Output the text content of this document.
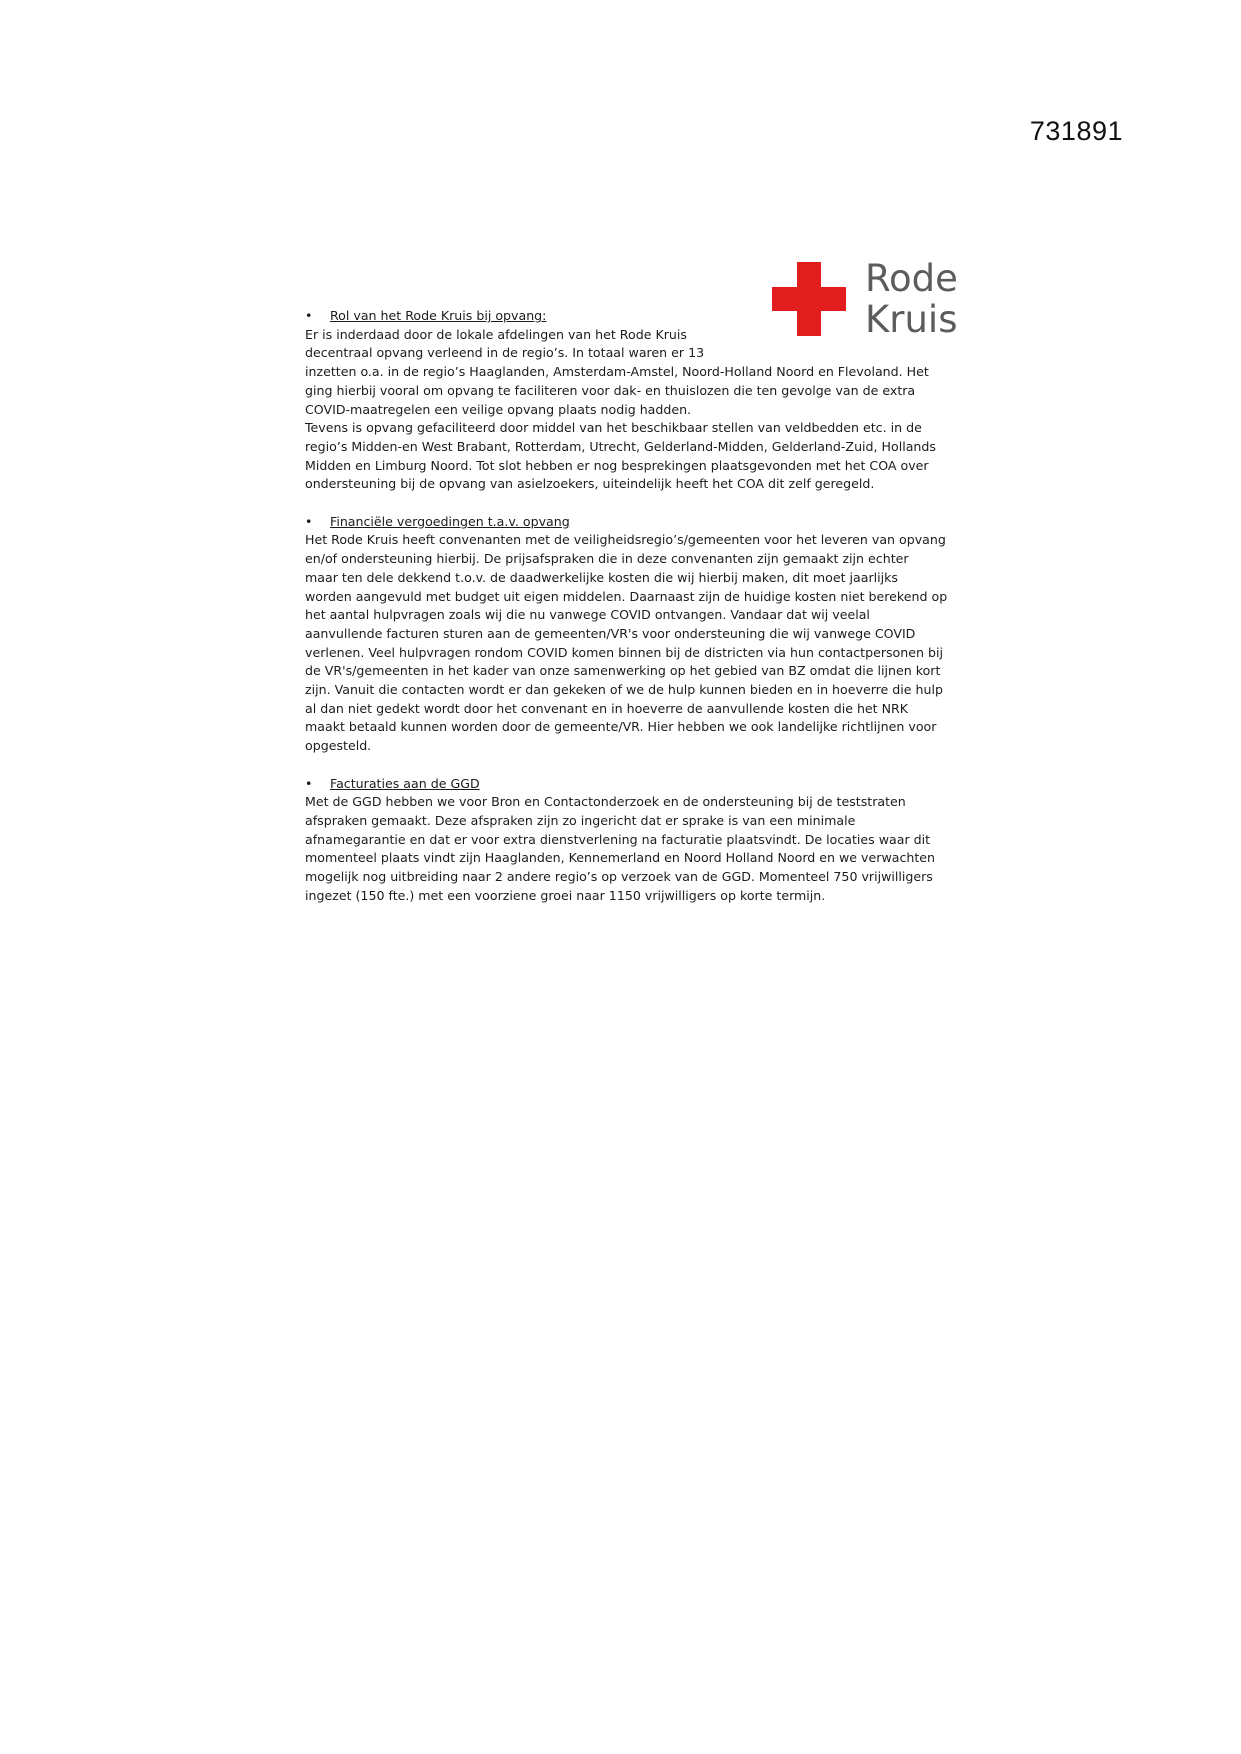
731891
Rode
Kruis
• Rol van het Rode Kruis bij opvang:
Er is inderdaad door de lokale afdelingen van het Rode Kruis
decentraal opvang verleend in de regio’s. In totaal waren er 13
inzetten o.a. in de regio’s Haaglanden, Amsterdam-Amstel, Noord-Holland Noord en Flevoland. Het
ging hierbij vooral om opvang te faciliteren voor dak- en thuislozen die ten gevolge van de extra
COVID-maatregelen een veilige opvang plaats nodig hadden.
Tevens is opvang gefaciliteerd door middel van het beschikbaar stellen van veldbedden etc. in de
regio’s Midden-en West Brabant, Rotterdam, Utrecht, Gelderland-Midden, Gelderland-Zuid, Hollands
Midden en Limburg Noord. Tot slot hebben er nog besprekingen plaatsgevonden met het COA over
ondersteuning bij de opvang van asielzoekers, uiteindelijk heeft het COA dit zelf geregeld.
• Financiële vergoedingen t.a.v. opvang
Het Rode Kruis heeft convenanten met de veiligheidsregio’s/gemeenten voor het leveren van opvang
en/of ondersteuning hierbij. De prijsafspraken die in deze convenanten zijn gemaakt zijn echter
maar ten dele dekkend t.o.v. de daadwerkelijke kosten die wij hierbij maken, dit moet jaarlijks
worden aangevuld met budget uit eigen middelen. Daarnaast zijn de huidige kosten niet berekend op
het aantal hulpvragen zoals wij die nu vanwege COVID ontvangen. Vandaar dat wij veelal
aanvullende facturen sturen aan de gemeenten/VR's voor ondersteuning die wij vanwege COVID
verlenen. Veel hulpvragen rondom COVID komen binnen bij de districten via hun contactpersonen bij
de VR's/gemeenten in het kader van onze samenwerking op het gebied van BZ omdat die lijnen kort
zijn. Vanuit die contacten wordt er dan gekeken of we de hulp kunnen bieden en in hoeverre die hulp
al dan niet gedekt wordt door het convenant en in hoeverre de aanvullende kosten die het NRK
maakt betaald kunnen worden door de gemeente/VR. Hier hebben we ook landelijke richtlijnen voor
opgesteld.
• Facturaties aan de GGD
Met de GGD hebben we voor Bron en Contactonderzoek en de ondersteuning bij de teststraten
afspraken gemaakt. Deze afspraken zijn zo ingericht dat er sprake is van een minimale
afnamegarantie en dat er voor extra dienstverlening na facturatie plaatsvindt. De locaties waar dit
momenteel plaats vindt zijn Haaglanden, Kennemerland en Noord Holland Noord en we verwachten
mogelijk nog uitbreiding naar 2 andere regio’s op verzoek van de GGD. Momenteel 750 vrijwilligers
ingezet (150 fte.) met een voorziene groei naar 1150 vrijwilligers op korte termijn.
